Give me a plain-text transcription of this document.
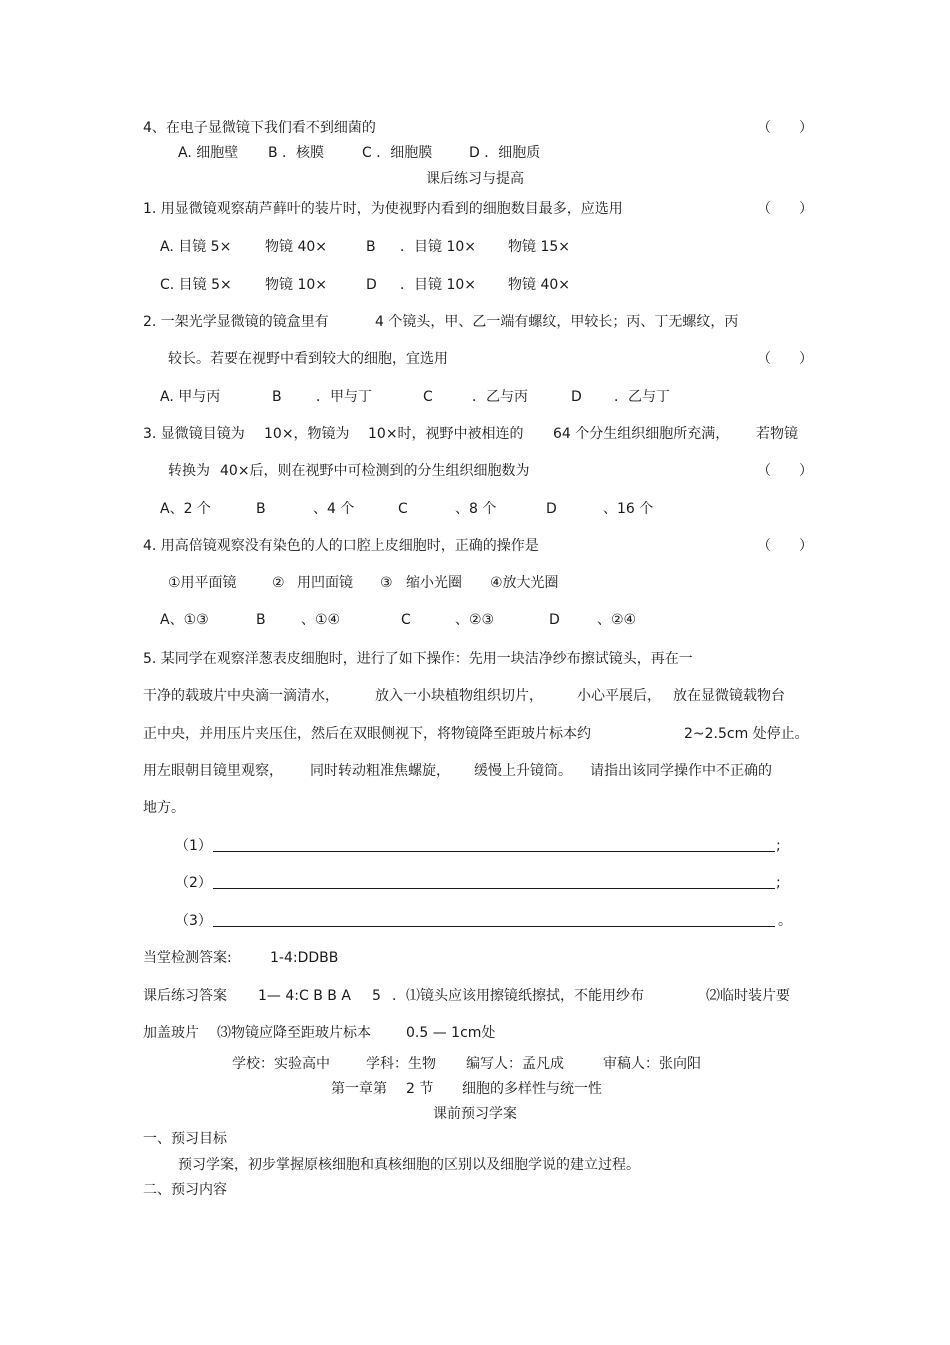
4、在电子显微镜下我们看不到细菌的	（　　）
A. 细胞壁 B ．核膜	C ．细胞膜	D ．细胞质
课后练习与提高
1. 用显微镜观察葫芦藓叶的装片时，为使视野内看到的细胞数目最多，应选用	（　　）
A. 目镜 5× 物镜 40×	B ．目镜 10× 物镜 15×
C. 目镜 5× 物镜 10×	D ．目镜 10× 物镜 40×
2. 一架光学显微镜的镜盒里有	4 个镜头，甲、乙一端有螺纹，甲较长；丙、丁无螺纹，丙
较长。若要在视野中看到较大的细胞，宜选用	（　　）
A. 甲与丙	B ．甲与丁	C	．乙与丙	D ．乙与丁
3. 显微镜目镜为 10×，物镜为 10×时，视野中被相连的 64 个分生组织细胞所充满， 若物镜
转换为 40×后，则在视野中可检测到的分生组织细胞数为	（　　）
A、2 个	B	、4 个	C	、8 个	D	、16 个
4. 用高倍镜观察没有染色的人的口腔上皮细胞时，正确的操作是	（　　）
①用平面镜	② 用凹面镜 ③ 缩小光圈 ④放大光圈
A、①③	B	、①④	C	、②③	D	、②④
5. 某同学在观察洋葱表皮细胞时，进行了如下操作：先用一块洁净纱布擦试镜头，再在一
干净的载玻片中央滴一滴清水，	放入一小块植物组织切片， 小心平展后， 放在显微镜载物台
正中央，并用压片夹压住，然后在双眼侧视下，将物镜降至距玻片标本约	2~2.5cm 处停止。
用左眼朝目镜里观察， 同时转动粗准焦螺旋， 缓慢上升镜筒。 请指出该同学操作中不正确的
地方。
（1）	;
（2）	;
（3）	。
当堂检测答案:	1-4:DDBB
课后练习答案 1— 4:C B B A 5 ．⑴镜头应该用擦镜纸擦拭，不能用纱布	⑵临时装片要
加盖玻片 ⑶物镜应降至距玻片标本	0.5 — 1cm处
学校：实验高中	学科：生物 编写人：孟凡成	审稿人：张向阳
第一章第 2 节 细胞的多样性与统一性
课前预习学案
一、预习目标
预习学案，初步掌握原核细胞和真核细胞的区别以及细胞学说的建立过程。
二、预习内容
